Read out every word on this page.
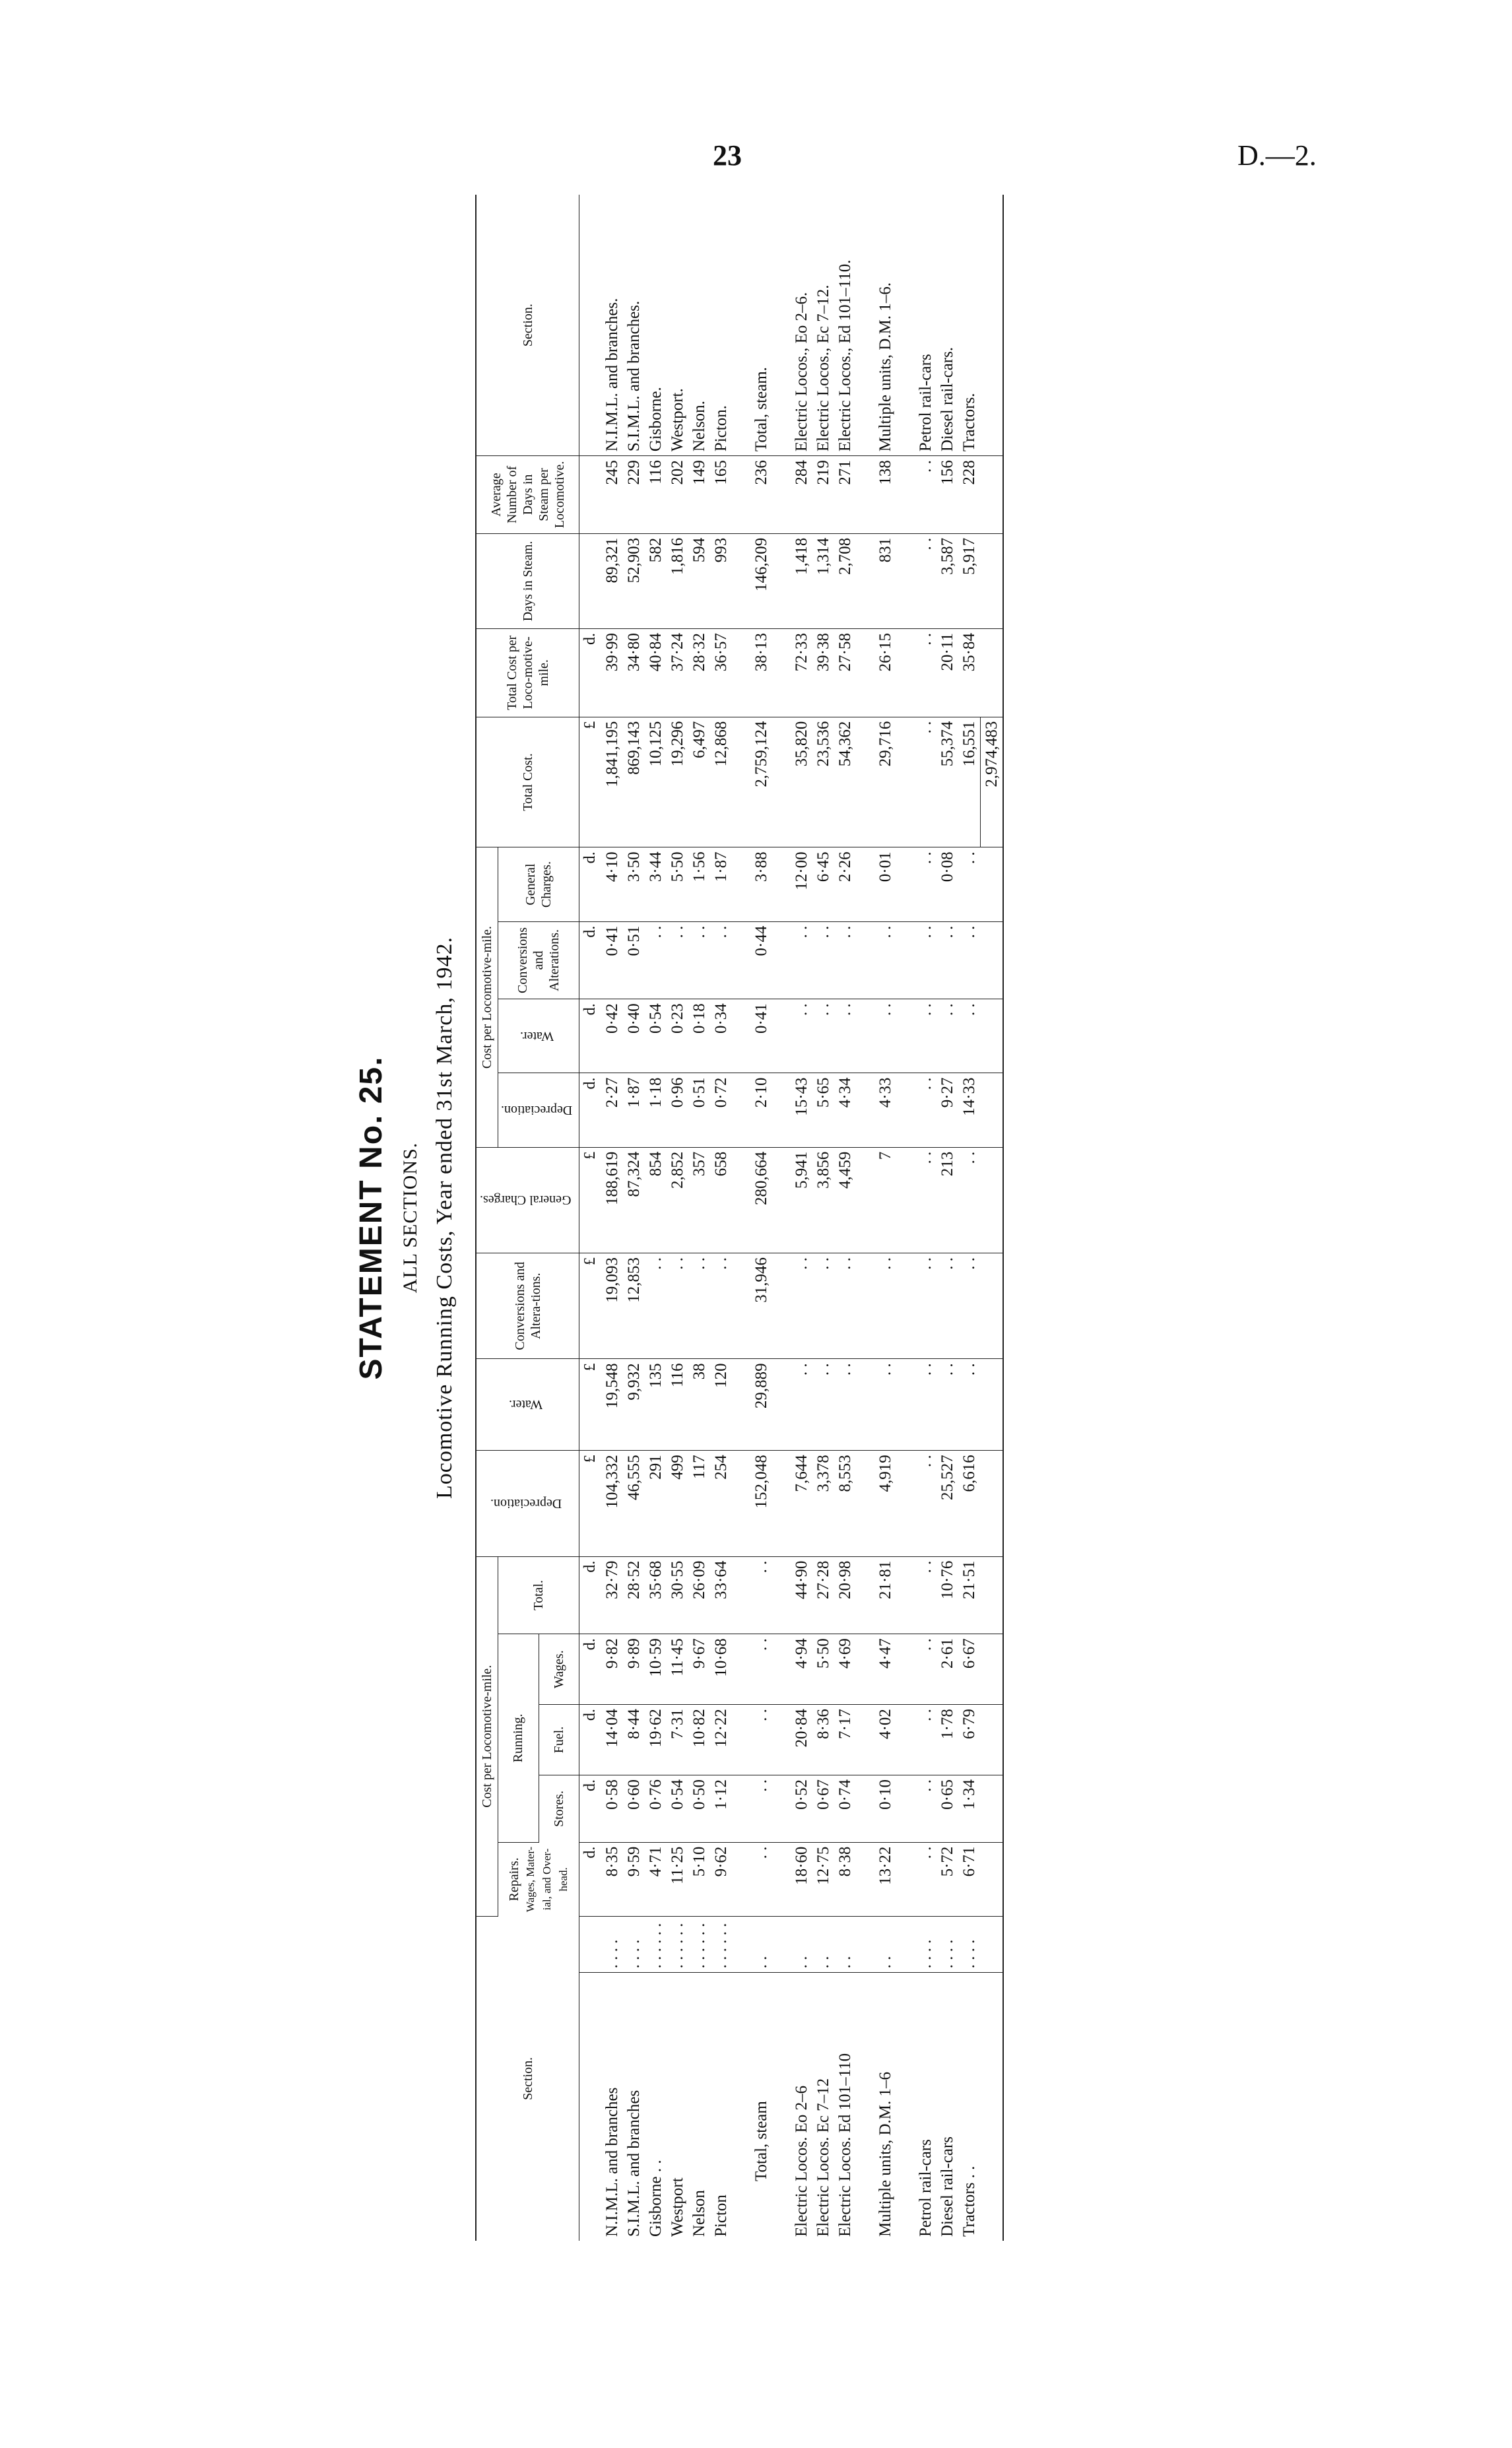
23	D.—2.
STATEMENT No. 25. ALL SECTIONS. Locomotive Running Costs, Year ended 31st March, 1942.
Section.		Cost per Locomotive-mile.					Depreciation.	Water.	Conversions and Altera-tions.	General Charges.	Cost per Locomotive-mile.				Total Cost.	Total Cost per Loco-motive-mile.	Days in Steam.	Average Number of Days in Steam per Locomotive.	Section.
		Repairs. Wages, Mater-ial, and Over-head.	Running.			Total.					Depreciation.	Water.	Conversions and Alterations.	General Charges.					
			Stores.	Fuel.	Wages.														
		d.	d.	d.	d.	d.	£	£	£	£	d.	d.	d.	d.	£	d.			
N.I.M.L. and branches	. . . .	8·35	0·58	14·04	9·82	32·79	104,332	19,548	19,093	188,619	2·27	0·42	0·41	4·10	1,841,195	39·99	89,321	245	N.I.M.L. and branches.
S.I.M.L. and branches	. . . .	9·59	0·60	8·44	9·89	28·52	46,555	9,932	12,853	87,324	1·87	0·40	0·51	3·50	869,143	34·80	52,903	229	S.I.M.L. and branches.
Gisborne . .	. . . . . .	4·71	0·76	19·62	10·59	35·68	291	135	. .	854	1·18	0·54	. .	3·44	10,125	40·84	582	116	Gisborne.
Westport	. . . . . .	11·25	0·54	7·31	11·45	30·55	499	116	. .	2,852	0·96	0·23	. .	5·50	19,296	37·24	1,816	202	Westport.
Nelson	. . . . . .	5·10	0·50	10·82	9·67	26·09	117	38	. .	357	0·51	0·18	. .	1·56	6,497	28·32	594	149	Nelson.
Picton	. . . . . .	9·62	1·12	12·22	10·68	33·64	254	120	. .	658	0·72	0·34	. .	1·87	12,868	36·57	993	165	Picton.

Total, steam	. .	. .	. .	. .	. .	. .	152,048	29,889	31,946	280,664	2·10	0·41	0·44	3·88	2,759,124	38·13	146,209	236	Total, steam.

Electric Locos. Eo 2–6	. .	18·60	0·52	20·84	4·94	44·90	7,644	. .	. .	5,941	15·43	. .	. .	12·00	35,820	72·33	1,418	284	Electric Locos., Eo 2–6.
Electric Locos. Ec 7–12	. .	12·75	0·67	8·36	5·50	27·28	3,378	. .	. .	3,856	5·65	. .	. .	6·45	23,536	39·38	1,314	219	Electric Locos., Ec 7–12.
Electric Locos. Ed 101–110	. .	8·38	0·74	7·17	4·69	20·98	8,553	. .	. .	4,459	4·34	. .	. .	2·26	54,362	27·58	2,708	271	Electric Locos., Ed 101–110.

Multiple units, D.M. 1–6	. .	13·22	0·10	4·02	4·47	21·81	4,919	. .	. .	7	4·33	. .	. .	0·01	29,716	26·15	831	138	Multiple units, D.M. 1–6.

Petrol rail-cars	. . . .	. .	. .	. .	. .	. .	. .	. .	. .	. .	. .	. .	. .	. .	. .	. .	. .	. .	Petrol rail-cars
Diesel rail-cars	. . . .	5·72	0·65	1·78	2·61	10·76	25,527	. .	. .	213	9·27	. .	. .	0·08	55,374	20·11	3,587	156	Diesel rail-cars.
Tractors . .	. . . .	6·71	1·34	6·79	6·67	21·51	6,616	. .	. .	. .	14·33	. .	. .	. .	16,551	35·84	5,917	228	Tractors.
															2,974,483				
